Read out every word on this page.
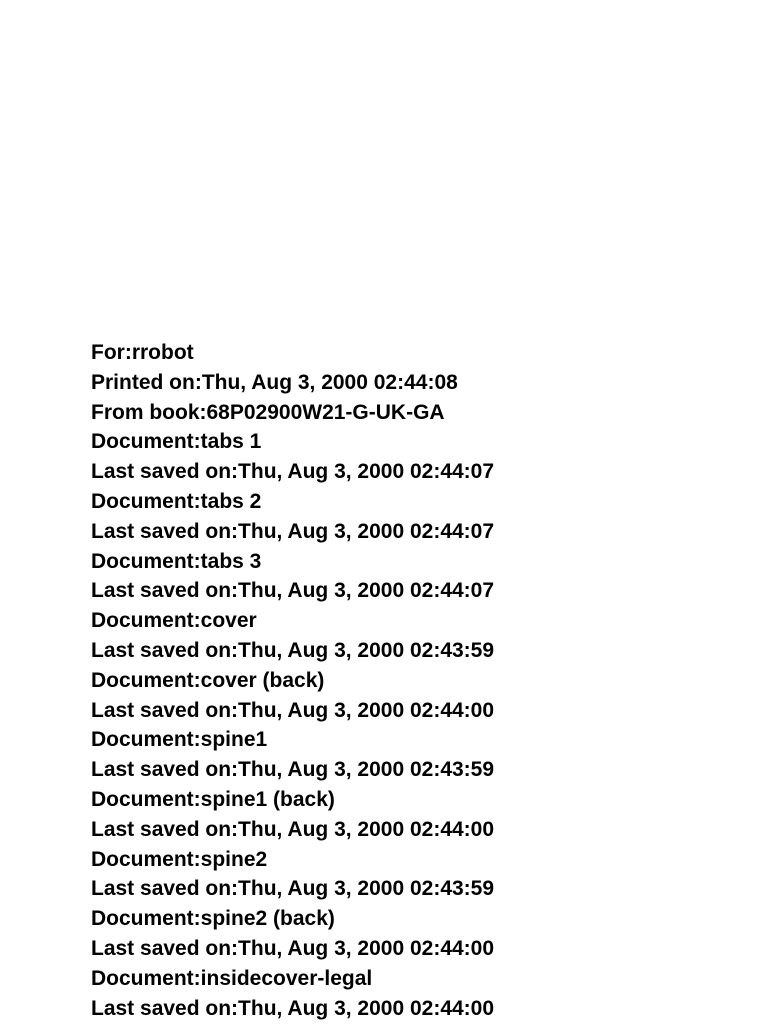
For:rrobot
Printed on:Thu, Aug 3, 2000 02:44:08
From book:68P02900W21-G-UK-GA
Document:tabs 1
Last saved on:Thu, Aug 3, 2000 02:44:07
Document:tabs 2
Last saved on:Thu, Aug 3, 2000 02:44:07
Document:tabs 3
Last saved on:Thu, Aug 3, 2000 02:44:07
Document:cover
Last saved on:Thu, Aug 3, 2000 02:43:59
Document:cover (back)
Last saved on:Thu, Aug 3, 2000 02:44:00
Document:spine1
Last saved on:Thu, Aug 3, 2000 02:43:59
Document:spine1 (back)
Last saved on:Thu, Aug 3, 2000 02:44:00
Document:spine2
Last saved on:Thu, Aug 3, 2000 02:43:59
Document:spine2 (back)
Last saved on:Thu, Aug 3, 2000 02:44:00
Document:insidecover-legal
Last saved on:Thu, Aug 3, 2000 02:44:00
